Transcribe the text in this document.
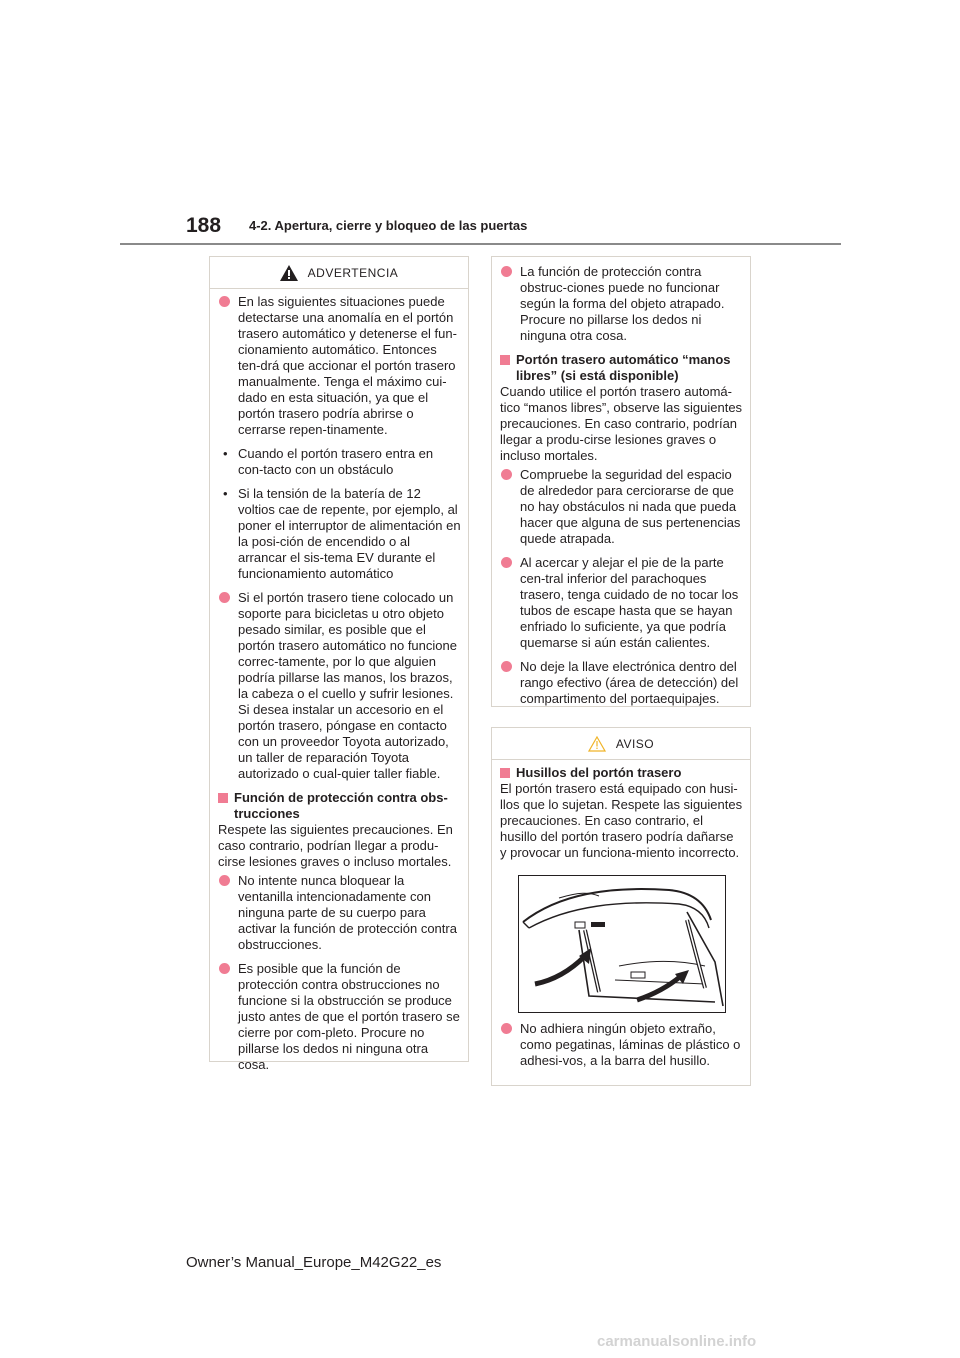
188 4-2. Apertura, cierre y bloqueo de las puertas
ADVERTENCIA
En las siguientes situaciones puede detectarse una anomalía en el portón trasero automático y detenerse el fun-cionamiento automático. Entonces ten-drá que accionar el portón trasero manualmente. Tenga el máximo cui-dado en esta situación, ya que el portón trasero podría abrirse o cerrarse repen-tinamente.
• Cuando el portón trasero entra en con-tacto con un obstáculo
• Si la tensión de la batería de 12 voltios cae de repente, por ejemplo, al poner el interruptor de alimentación en la posi-ción de encendido o al arrancar el sis-tema EV durante el funcionamiento automático
Si el portón trasero tiene colocado un soporte para bicicletas u otro objeto pesado similar, es posible que el portón trasero automático no funcione correc-tamente, por lo que alguien podría pillarse las manos, los brazos, la cabeza o el cuello y sufrir lesiones. Si desea instalar un accesorio en el portón trasero, póngase en contacto con un proveedor Toyota autorizado, un taller de reparación Toyota autorizado o cual-quier taller fiable.
Función de protección contra obs-trucciones
Respete las siguientes precauciones. En caso contrario, podrían llegar a produ-cirse lesiones graves o incluso mortales.
No intente nunca bloquear la ventanilla intencionadamente con ninguna parte de su cuerpo para activar la función de protección contra obstrucciones.
Es posible que la función de protección contra obstrucciones no funcione si la obstrucción se produce justo antes de que el portón trasero se cierre por com-pleto. Procure no pillarse los dedos ni ninguna otra cosa.
La función de protección contra obstruc-ciones puede no funcionar según la forma del objeto atrapado. Procure no pillarse los dedos ni ninguna otra cosa.
Portón trasero automático “manos libres” (si está disponible)
Cuando utilice el portón trasero automá-tico “manos libres”, observe las siguientes precauciones. En caso contrario, podrían llegar a produ-cirse lesiones graves o incluso mortales.
Compruebe la seguridad del espacio de alrededor para cerciorarse de que no hay obstáculos ni nada que pueda hacer que alguna de sus pertenencias quede atrapada.
Al acercar y alejar el pie de la parte cen-tral inferior del parachoques trasero, tenga cuidado de no tocar los tubos de escape hasta que se hayan enfriado lo suficiente, ya que podría quemarse si aún están calientes.
No deje la llave electrónica dentro del rango efectivo (área de detección) del compartimento del portaequipajes.
AVISO
Husillos del portón trasero
El portón trasero está equipado con husi-llos que lo sujetan. Respete las siguientes precauciones. En caso contrario, el husillo del portón trasero podría dañarse y provocar un funciona-miento incorrecto.
No adhiera ningún objeto extraño, como pegatinas, láminas de plástico o adhesi-vos, a la barra del husillo.
Owner’s Manual_Europe_M42G22_es
carmanualsonline.info
